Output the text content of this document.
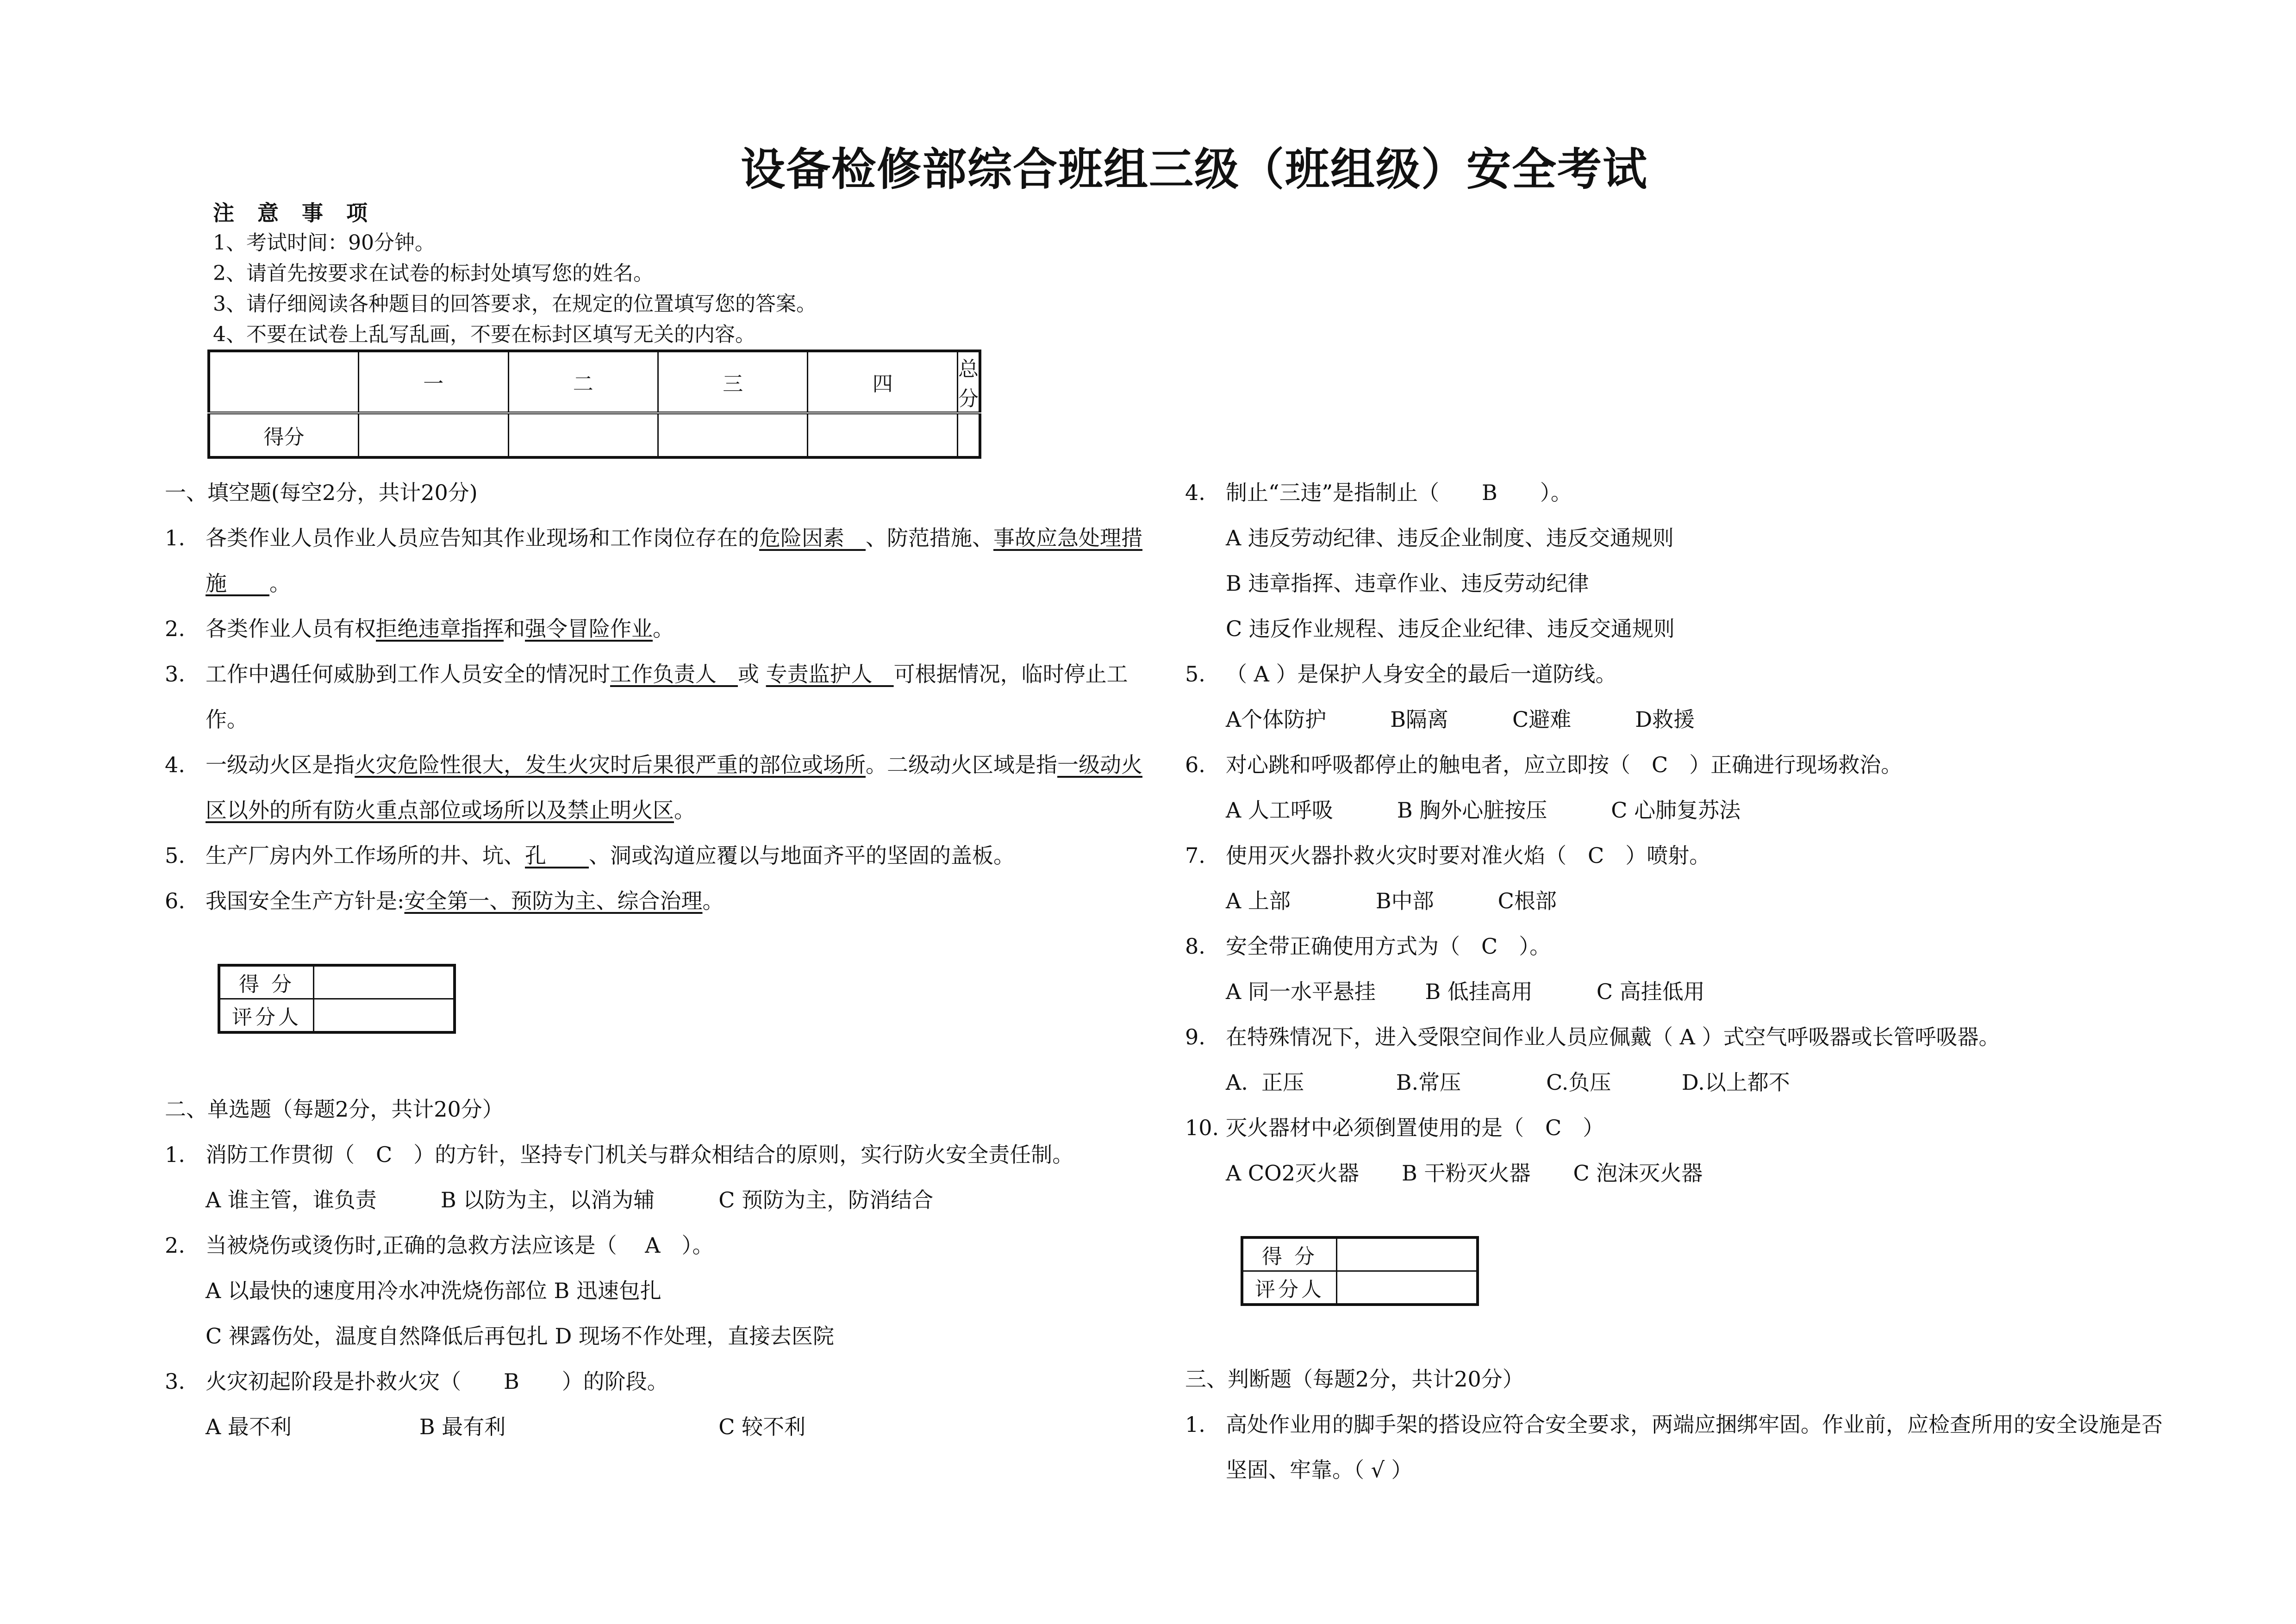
设备检修部综合班组三级（班组级）安全考试
注意事项
1、考试时间：90分钟。
2、请首先按要求在试卷的标封处填写您的姓名。
3、请仔细阅读各种题目的回答要求，在规定的位置填写您的答案。
4、不要在试卷上乱写乱画，不要在标封区填写无关的内容。
	一	二	三	四	总分
得分					
一、填空题(每空2分，共计20分)
1. 各类作业人员作业人员应告知其作业现场和工作岗位存在的危险因素　、防范措施、事故应急处理措施　　。
2. 各类作业人员有权拒绝违章指挥和强令冒险作业。
3. 工作中遇任何威胁到工作人员安全的情况时工作负责人　或 专责监护人　可根据情况，临时停止工作。
4. 一级动火区是指火灾危险性很大，发生火灾时后果很严重的部位或场所。二级动火区域是指一级动火区以外的所有防火重点部位或场所以及禁止明火区。
5. 生产厂房内外工作场所的井、坑、孔　　、洞或沟道应覆以与地面齐平的坚固的盖板。
6. 我国安全生产方针是:安全第一、预防为主、综合治理。
得 分	
评分人	
二、单选题（每题2分，共计20分）
1. 消防工作贯彻（　C　）的方针，坚持专门机关与群众相结合的原则，实行防火安全责任制。
A 谁主管，谁负责　　　B 以防为主，以消为辅　　　C 预防为主，防消结合
2. 当被烧伤或烫伤时,正确的急救方法应该是（　 A　）。
A 以最快的速度用冷水冲洗烧伤部位 B 迅速包扎
C 裸露伤处，温度自然降低后再包扎 D 现场不作处理，直接去医院
3. 火灾初起阶段是扑救火灾（　　B　　）的阶段。
A 最不利　　　　　　B 最有利　　　　　　　　　　C 较不利
4. 制止“三违”是指制止（　　B　　）。
A 违反劳动纪律、违反企业制度、违反交通规则
B 违章指挥、违章作业、违反劳动纪律
C 违反作业规程、违反企业纪律、违反交通规则
5. （ A ）是保护人身安全的最后一道防线。
A个体防护　　　B隔离　　　C避难　　　D救援
6. 对心跳和呼吸都停止的触电者，应立即按（　C　）正确进行现场救治。
A 人工呼吸　　　B 胸外心脏按压　　　C 心肺复苏法
7. 使用灭火器扑救火灾时要对准火焰（　C　）喷射。
A 上部　　　　B中部　　　C根部
8. 安全带正确使用方式为（　C　）。
A 同一水平悬挂　　 B 低挂高用　　　C 高挂低用
9. 在特殊情况下，进入受限空间作业人员应佩戴（ A ）式空气呼吸器或长管呼吸器。
A.  正压　　　　 B.常压　　　　C.负压　　　 D.以上都不
10. 灭火器材中必须倒置使用的是（　C　）
A CO2灭火器　　B 干粉灭火器　　C 泡沫灭火器
得 分	
评分人	
三、判断题（每题2分，共计20分）
1. 高处作业用的脚手架的搭设应符合安全要求，两端应捆绑牢固。作业前，应检查所用的安全设施是否坚固、牢靠。（ √ ）
